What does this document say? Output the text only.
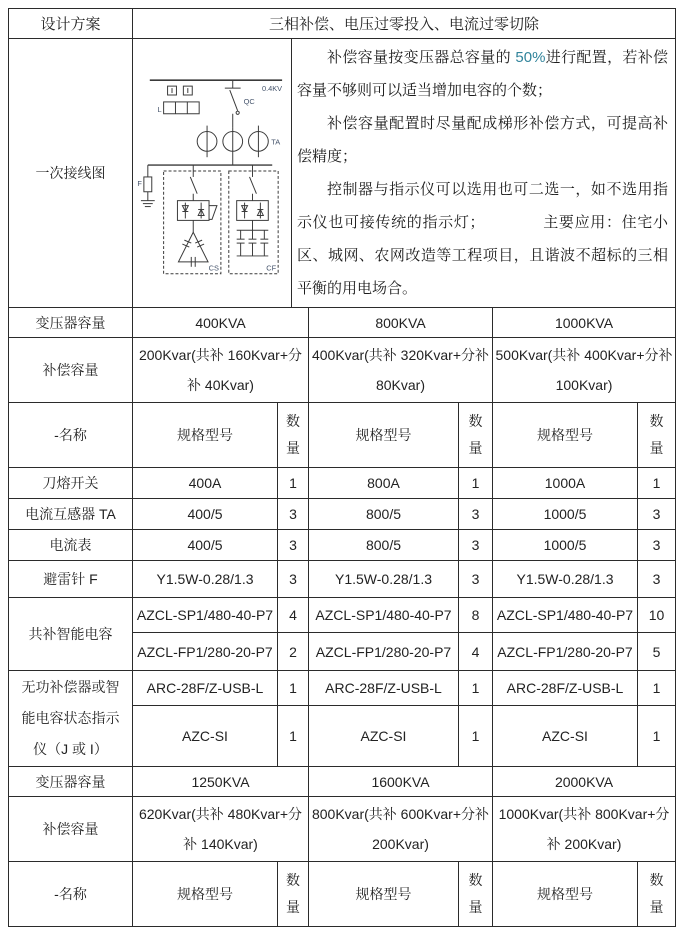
设计方案	三相补偿、电压过零投入、电流过零切除					
一次接线图	
0.4KV
QC
TA
F
L
CS	CF

补偿容量按变压器总容量的 50%进行配置，若补偿容量不够则可以适当增加电容的个数；

补偿容量配置时尽量配成梯形补偿方式，可提高补偿精度；

控制器与指示仪可以选用也可二选一，如不选用指示仪也可接传统的指示灯；	主要应用：住宅小区、城网、农网改造等工程项目，且谐波不超标的三相平衡的用电场合。

变压器容量	400KVA		800KVA		1000KVA	
补偿容量	200Kvar(共补 160Kvar+分补 40Kvar)		400Kvar(共补 320Kvar+分补 80Kvar)		500Kvar(共补 400Kvar+分补 100Kvar)	
-名称	规格型号	数量	规格型号	数量	规格型号	数量
刀熔开关	400A	1	800A	1	1000A	1
电流互感器 TA	400/5	3	800/5	3	1000/5	3
电流表	400/5	3	800/5	3	1000/5	3
避雷针 F	Y1.5W-0.28/1.3	3	Y1.5W-0.28/1.3	3	Y1.5W-0.28/1.3	3
共补智能电容	AZCL-SP1/480-40-P7	4	AZCL-SP1/480-40-P7	8	AZCL-SP1/480-40-P7	10
	AZCL-FP1/280-20-P7	2	AZCL-FP1/280-20-P7	4	AZCL-FP1/280-20-P7	5
无功补偿器或智能电容状态指示仪（J 或 I）	ARC-28F/Z-USB-L	1	ARC-28F/Z-USB-L	1	ARC-28F/Z-USB-L	1
	AZC-SI	1	AZC-SI	1	AZC-SI	1
变压器容量	1250KVA		1600KVA		2000KVA	
补偿容量	620Kvar(共补 480Kvar+分补 140Kvar)		800Kvar(共补 600Kvar+分补 200Kvar)		1000Kvar(共补 800Kvar+分补 200Kvar)	
-名称	规格型号	数量	规格型号	数量	规格型号	数量
